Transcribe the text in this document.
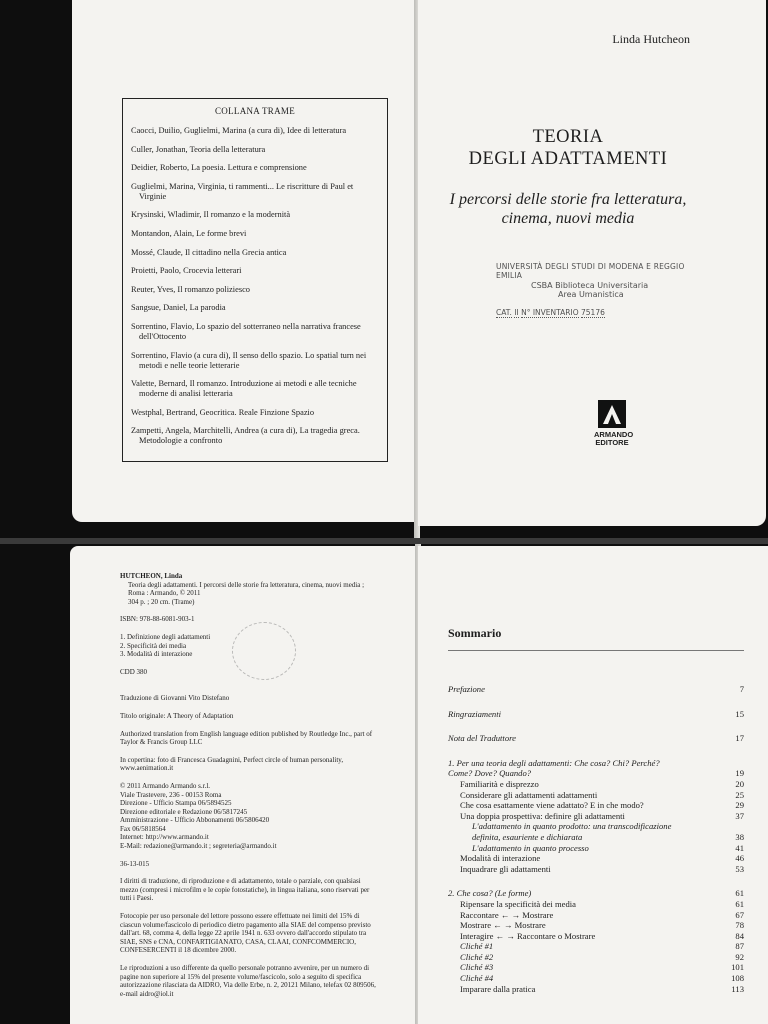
COLLANA TRAME
Caocci, Duilio, Guglielmi, Marina (a cura di), Idee di letteratura
Culler, Jonathan, Teoria della letteratura
Deidier, Roberto, La poesia. Lettura e comprensione
Guglielmi, Marina, Virginia, ti rammenti... Le riscritture di Paul et Virginie
Krysinski, Wladimir, Il romanzo e la modernità
Montandon, Alain, Le forme brevi
Mossé, Claude, Il cittadino nella Grecia antica
Proietti, Paolo, Crocevia letterari
Reuter, Yves, Il romanzo poliziesco
Sangsue, Daniel, La parodia
Sorrentino, Flavio, Lo spazio del sotterraneo nella narrativa francese dell'Ottocento
Sorrentino, Flavio (a cura di), Il senso dello spazio. Lo spatial turn nei metodi e nelle teorie letterarie
Valette, Bernard, Il romanzo. Introduzione ai metodi e alle tecniche moderne di analisi letteraria
Westphal, Bertrand, Geocritica. Reale Finzione Spazio
Zampetti, Angela, Marchitelli, Andrea (a cura di), La tragedia greca. Metodologie a confronto
Linda Hutcheon
TEORIA
DEGLI ADATTAMENTI
I percorsi delle storie fra letteratura,
cinema, nuovi media
UNIVERSITÀ DEGLI STUDI DI MODENA E REGGIO EMILIA
CSBA Biblioteca Universitaria
Area Umanistica
CAT. II N° INVENTARIO 75176
ARMANDO
EDITORE

HUTCHEON, Linda

Teoria degli adattamenti. I percorsi delle storie fra letteratura, cinema, nuovi media ;
Roma : Armando, © 2011
304 p. ; 20 cm. (Trame)

ISBN: 978-88-6081-903-1

1. Definizione degli adattamenti
2. Specificità dei media
3. Modalità di interazione

CDD 380

Traduzione di Giovanni Vito Distefano

Titolo originale: A Theory of Adaptation

Authorized translation from English language edition published by Routledge Inc., part of Taylor & Francis Group LLC

In copertina: foto di Francesca Guadagnini, Perfect circle of human personality, www.aenimation.it

© 2011 Armando Armando s.r.l.
Viale Trastevere, 236 - 00153 Roma
Direzione - Ufficio Stampa 06/5894525
Direzione editoriale e Redazione 06/5817245
Amministrazione - Ufficio Abbonamenti 06/5806420
Fax 06/5818564
Internet: http://www.armando.it
E-Mail: redazione@armando.it ; segreteria@armando.it

36-13-015

I diritti di traduzione, di riproduzione e di adattamento, totale o parziale, con qualsiasi mezzo (compresi i microfilm e le copie fotostatiche), in lingua italiana, sono riservati per tutti i Paesi.

Fotocopie per uso personale del lettore possono essere effettuate nei limiti del 15% di ciascun volume/fascicolo di periodico dietro pagamento alla SIAE del compenso previsto dall'art. 68, comma 4, della legge 22 aprile 1941 n. 633 ovvero dall'accordo stipulato tra SIAE, SNS e CNA, CONFARTIGIANATO, CASA, CLAAI, CONFCOMMERCIO, CONFESERCENTI il 18 dicembre 2000.

Le riproduzioni a uso differente da quello personale potranno avvenire, per un numero di pagine non superiore al 15% del presente volume/fascicolo, solo a seguito di specifica autorizzazione rilasciata da AIDRO, Via delle Erbe, n. 2, 20121 Milano, telefax 02 809506, e-mail aidro@iol.it

Sommario
Prefazione	7
Ringraziamenti	15
Nota del Traduttore	17
1. Per una teoria degli adattamenti: Che cosa? Chi? Perché?
Come? Dove? Quando?	19
Familiarità e disprezzo	20
Considerare gli adattamenti adattamenti	25
Che cosa esattamente viene adattato? E in che modo?	29
Una doppia prospettiva: definire gli adattamenti	37
L'adattamento in quanto prodotto: una transcodificazione
definita, esauriente e dichiarata	38
L'adattamento in quanto processo	41
Modalità di interazione	46
Inquadrare gli adattamenti	53
2. Che cosa? (Le forme)	61
Ripensare la specificità dei media	61
Raccontare ← → Mostrare	67
Mostrare ← → Mostrare	78
Interagire ← → Raccontare o Mostrare	84
Cliché #1	87
Cliché #2	92
Cliché #3	101
Cliché #4	108
Imparare dalla pratica	113
